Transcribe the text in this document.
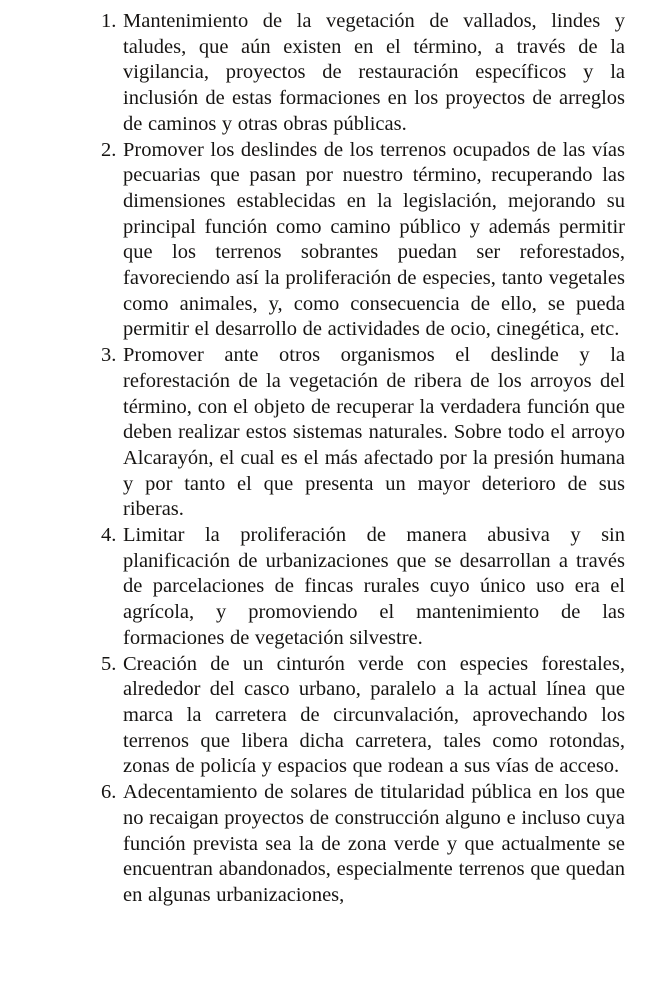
1. Mantenimiento de la vegetación de vallados, lindes y taludes, que aún existen en el término, a través de la vigilancia, proyectos de restauración específicos y la inclusión de estas formaciones en los proyectos de arreglos de caminos y otras obras públicas.

2. Promover los deslindes de los terrenos ocupados de las vías pecuarias que pasan por nuestro término, recuperando las dimensiones establecidas en la legislación, mejorando su principal función como camino público y además permitir que los terrenos sobrantes puedan ser reforestados, favoreciendo así la proliferación de especies, tanto vegetales como animales, y, como consecuencia de ello, se pueda permitir el desarrollo de actividades de ocio, cinegética, etc.

3. Promover ante otros organismos el deslinde y la reforestación de la vegetación de ribera de los arroyos del término, con el objeto de recuperar la verdadera función que deben realizar estos sistemas naturales. Sobre todo el arroyo Alcarayón, el cual es el más afectado por la presión humana y por tanto el que presenta un mayor deterioro de sus riberas.

4. Limitar la proliferación de manera abusiva y sin planificación de urbanizaciones que se desarrollan a través de parcelaciones de fincas rurales cuyo único uso era el agrícola, y promoviendo el mantenimiento de las formaciones de vegetación silvestre.

5. Creación de un cinturón verde con especies forestales, alrededor del casco urbano, paralelo a la actual línea que marca la carretera de circunvalación, aprovechando los terrenos que libera dicha carretera, tales como rotondas, zonas de policía y espacios que rodean a sus vías de acceso.

6. Adecentamiento de solares de titularidad pública en los que no recaigan proyectos de construcción alguno e incluso cuya función prevista sea la de zona verde y que actualmente se encuentran abandonados, especialmente terrenos que quedan en algunas urbanizaciones,
